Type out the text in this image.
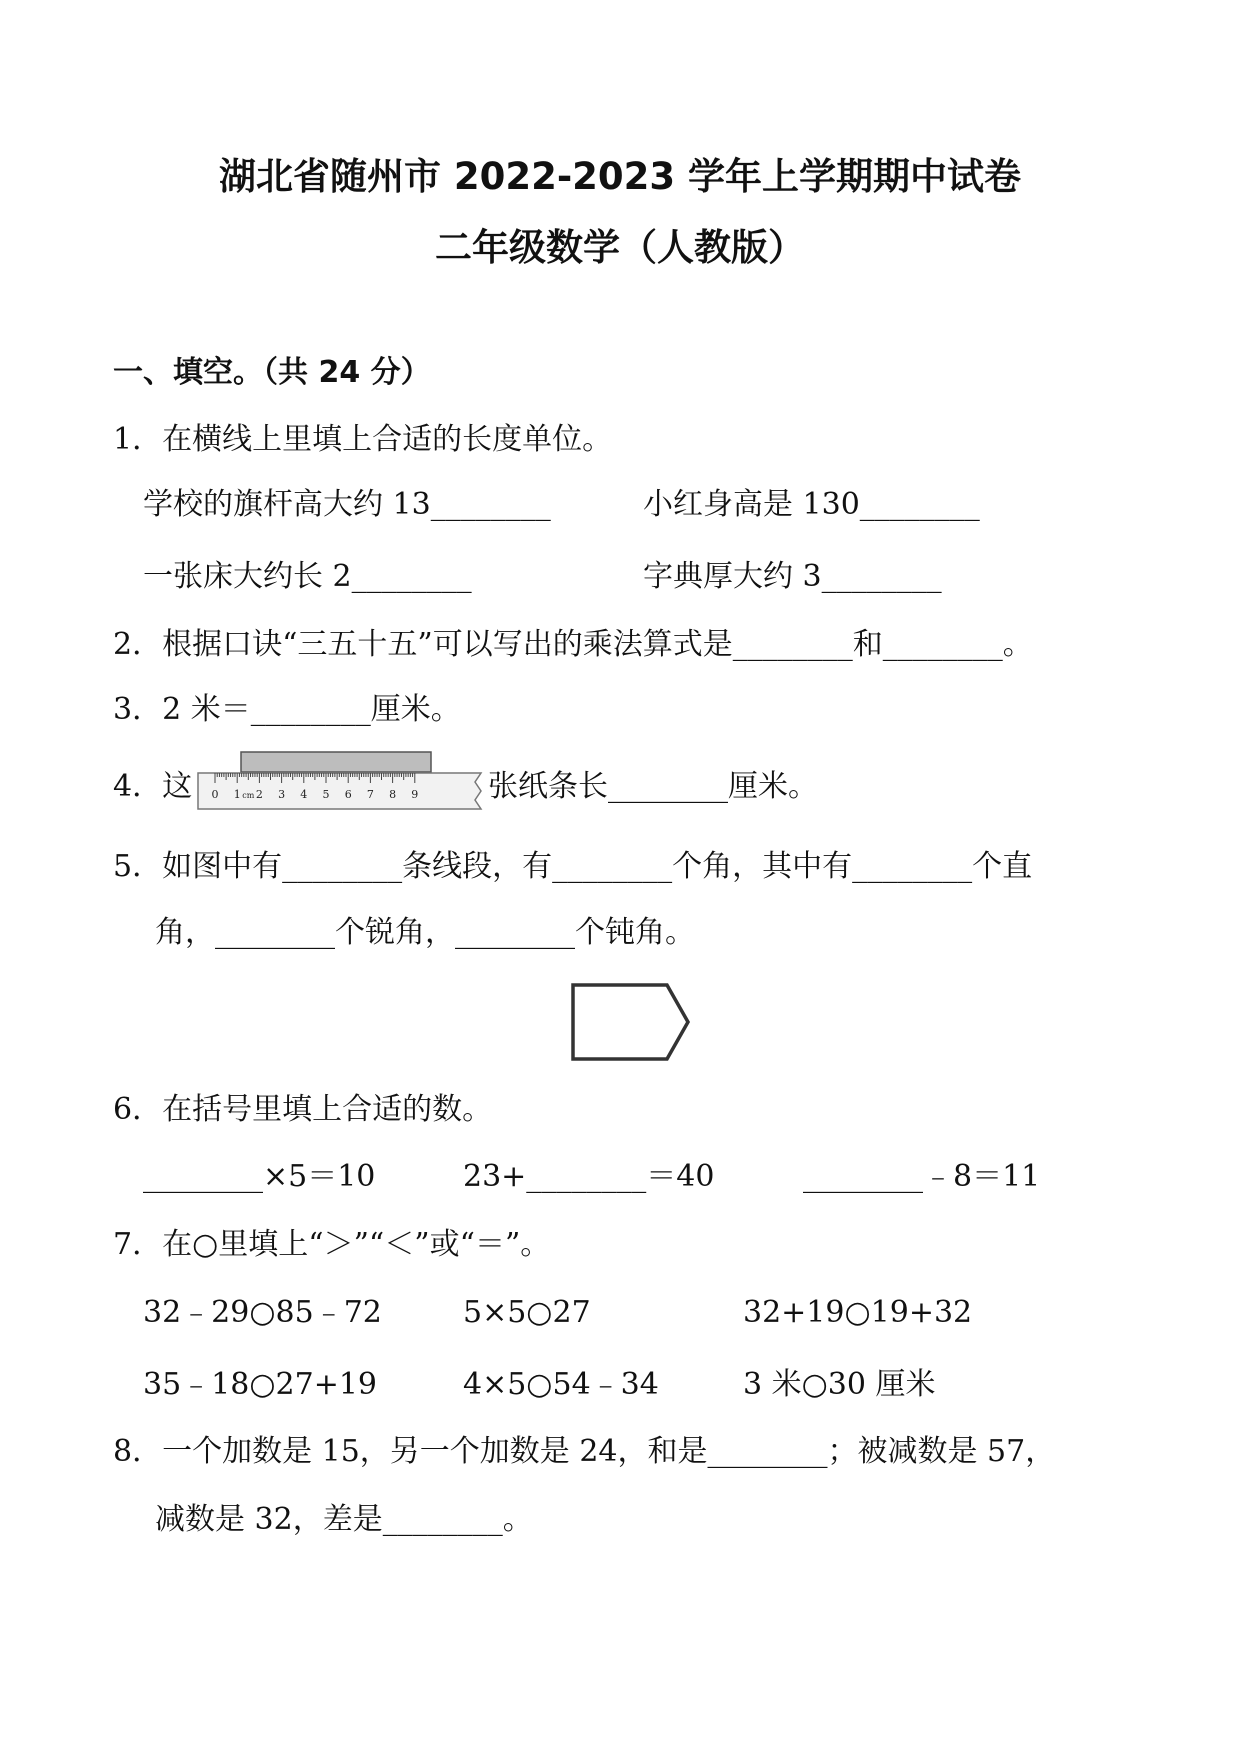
湖北省随州市 2022-2023 学年上学期期中试卷
二年级数学（人教版）
一、填空。（共 24 分）
1．在横线上里填上合适的长度单位。
学校的旗杆高大约 13________	小红身高是 130________
一张床大约长 2________	字典厚大约 3________
2．根据口诀“三五十五”可以写出的乘法算式是________和________。
3．2 米＝________厘米。
4．这 0 1 2 3 4 5 6 7 8 9
cm	张纸条长________厘米。
5．如图中有________条线段，有________个角，其中有________个直
角，________个锐角，________个钝角。
6．在括号里填上合适的数。
________×5＝10	23+________＝40	________﹣8＝11
7．在○里填上“＞”“＜”或“＝”。
32﹣29○85﹣72	5×5○27	32+19○19+32
35﹣18○27+19	4×5○54﹣34	3 米○30 厘米
8．一个加数是 15，另一个加数是 24，和是________；被减数是 57，
减数是 32，差是________。
